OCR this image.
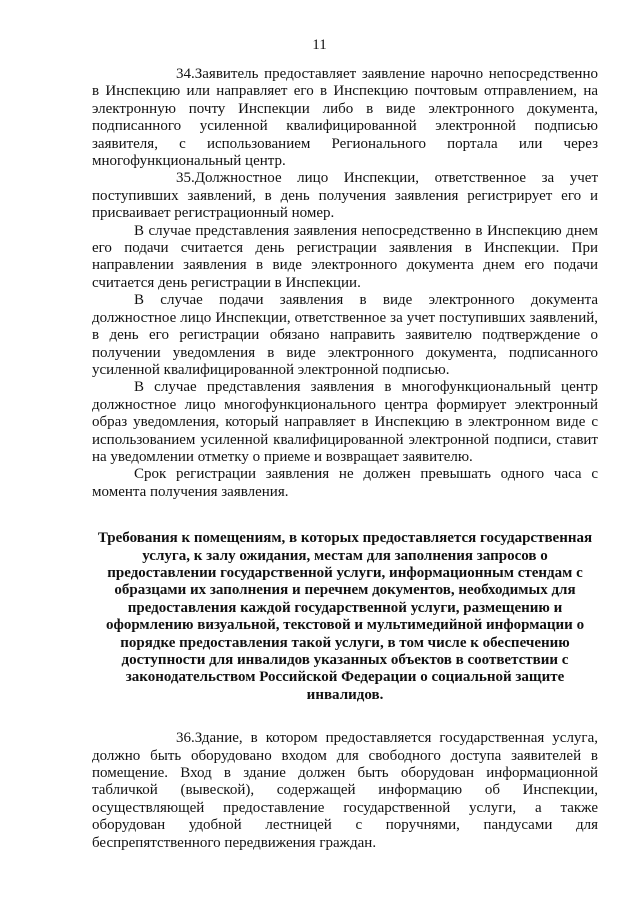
11

34.Заявитель предоставляет заявление нарочно непосредственно в Инспекцию или направляет его в Инспекцию почтовым отправлением, на электронную почту Инспекции либо в виде электронного документа, подписанного усиленной квалифицированной электронной подписью заявителя, с использованием Регионального портала или через многофункциональный центр.

35.Должностное лицо Инспекции, ответственное за учет поступивших заявлений, в день получения заявления регистрирует его и присваивает регистрационный номер.

В случае представления заявления непосредственно в Инспекцию днем его подачи считается день регистрации заявления в Инспекции. При направлении заявления в виде электронного документа днем его подачи считается день регистрации в Инспекции.

В случае подачи заявления в виде электронного документа должностное лицо Инспекции, ответственное за учет поступивших заявлений, в день его регистрации обязано направить заявителю подтверждение о получении уведомления в виде электронного документа, подписанного усиленной квалифицированной электронной подписью.

В случае представления заявления в многофункциональный центр должностное лицо многофункционального центра формирует электронный образ уведомления, который направляет в Инспекцию в электронном виде с использованием усиленной квалифицированной электронной подписи, ставит на уведомлении отметку о приеме и возвращает заявителю.

Срок регистрации заявления не должен превышать одного часа с момента получения заявления.

Требования к помещениям, в которых предоставляется государственная услуга, к залу ожидания, местам для заполнения запросов о предоставлении государственной услуги, информационным стендам с образцами их заполнения и перечнем документов, необходимых для предоставления каждой государственной услуги, размещению и оформлению визуальной, текстовой и мультимедийной информации о порядке предоставления такой услуги, в том числе к обеспечению доступности для инвалидов указанных объектов в соответствии с законодательством Российской Федерации о социальной защите инвалидов.

36.Здание, в котором предоставляется государственная услуга, должно быть оборудовано входом для свободного доступа заявителей в помещение. Вход в здание должен быть оборудован информационной табличкой (вывеской), содержащей информацию об Инспекции, осуществляющей предоставление государственной услуги, а также оборудован удобной лестницей с поручнями, пандусами для беспрепятственного передвижения граждан.
